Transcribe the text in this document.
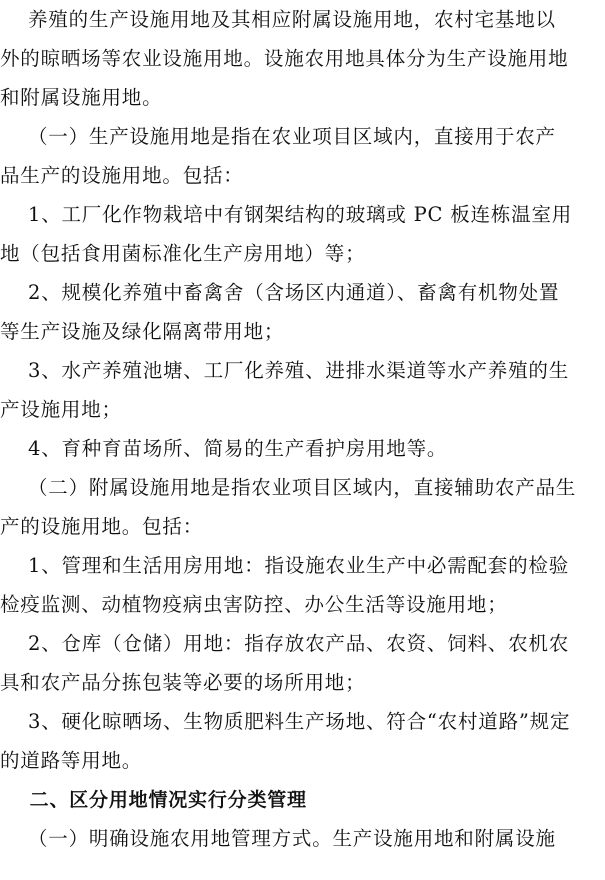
养殖的生产设施用地及其相应附属设施用地，农村宅基地以
外的晾晒场等农业设施用地。设施农用地具体分为生产设施用地
和附属设施用地。
（一）生产设施用地是指在农业项目区域内，直接用于农产
品生产的设施用地。包括：
1、工厂化作物栽培中有钢架结构的玻璃或 PC 板连栋温室用
地（包括食用菌标准化生产房用地）等；
2、规模化养殖中畜禽舍（含场区内通道）、畜禽有机物处置
等生产设施及绿化隔离带用地；
3、水产养殖池塘、工厂化养殖、进排水渠道等水产养殖的生
产设施用地；
4、育种育苗场所、简易的生产看护房用地等。
（二）附属设施用地是指农业项目区域内，直接辅助农产品生
产的设施用地。包括：
1、管理和生活用房用地：指设施农业生产中必需配套的检验
检疫监测、动植物疫病虫害防控、办公生活等设施用地；
2、仓库（仓储）用地：指存放农产品、农资、饲料、农机农
具和农产品分拣包装等必要的场所用地；
3、硬化晾晒场、生物质肥料生产场地、符合“农村道路”规定
的道路等用地。
二、区分用地情况实行分类管理
（一）明确设施农用地管理方式。生产设施用地和附属设施
